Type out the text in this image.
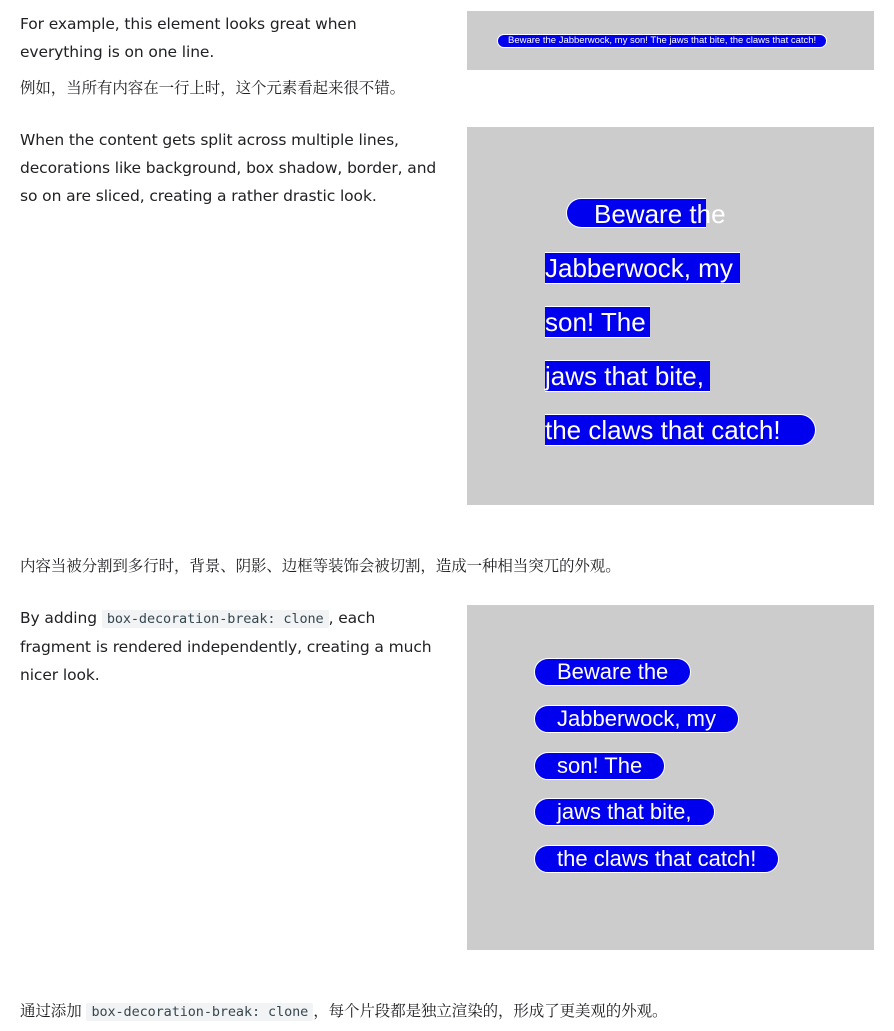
For example, this element looks great when everything is on one line.

例如，当所有内容在一行上时，这个元素看起来很不错。

Beware the Jabberwock, my son! The jaws that bite, the claws that catch!

When the content gets split across multiple lines, decorations like background, box shadow, border, and so on are sliced, creating a rather drastic look.

Beware the
Jabberwock, my
son! The
jaws that bite,
the claws that catch!

内容当被分割到多行时，背景、阴影、边框等装饰会被切割，造成一种相当突兀的外观。

By adding box-decoration-break: clone , each fragment is rendered independently, creating a much nicer look.	Beware the
Jabberwock, my
son! The
jaws that bite,
the claws that catch!

通过添加 box-decoration-break: clone ，每个片段都是独立渲染的，形成了更美观的外观。
